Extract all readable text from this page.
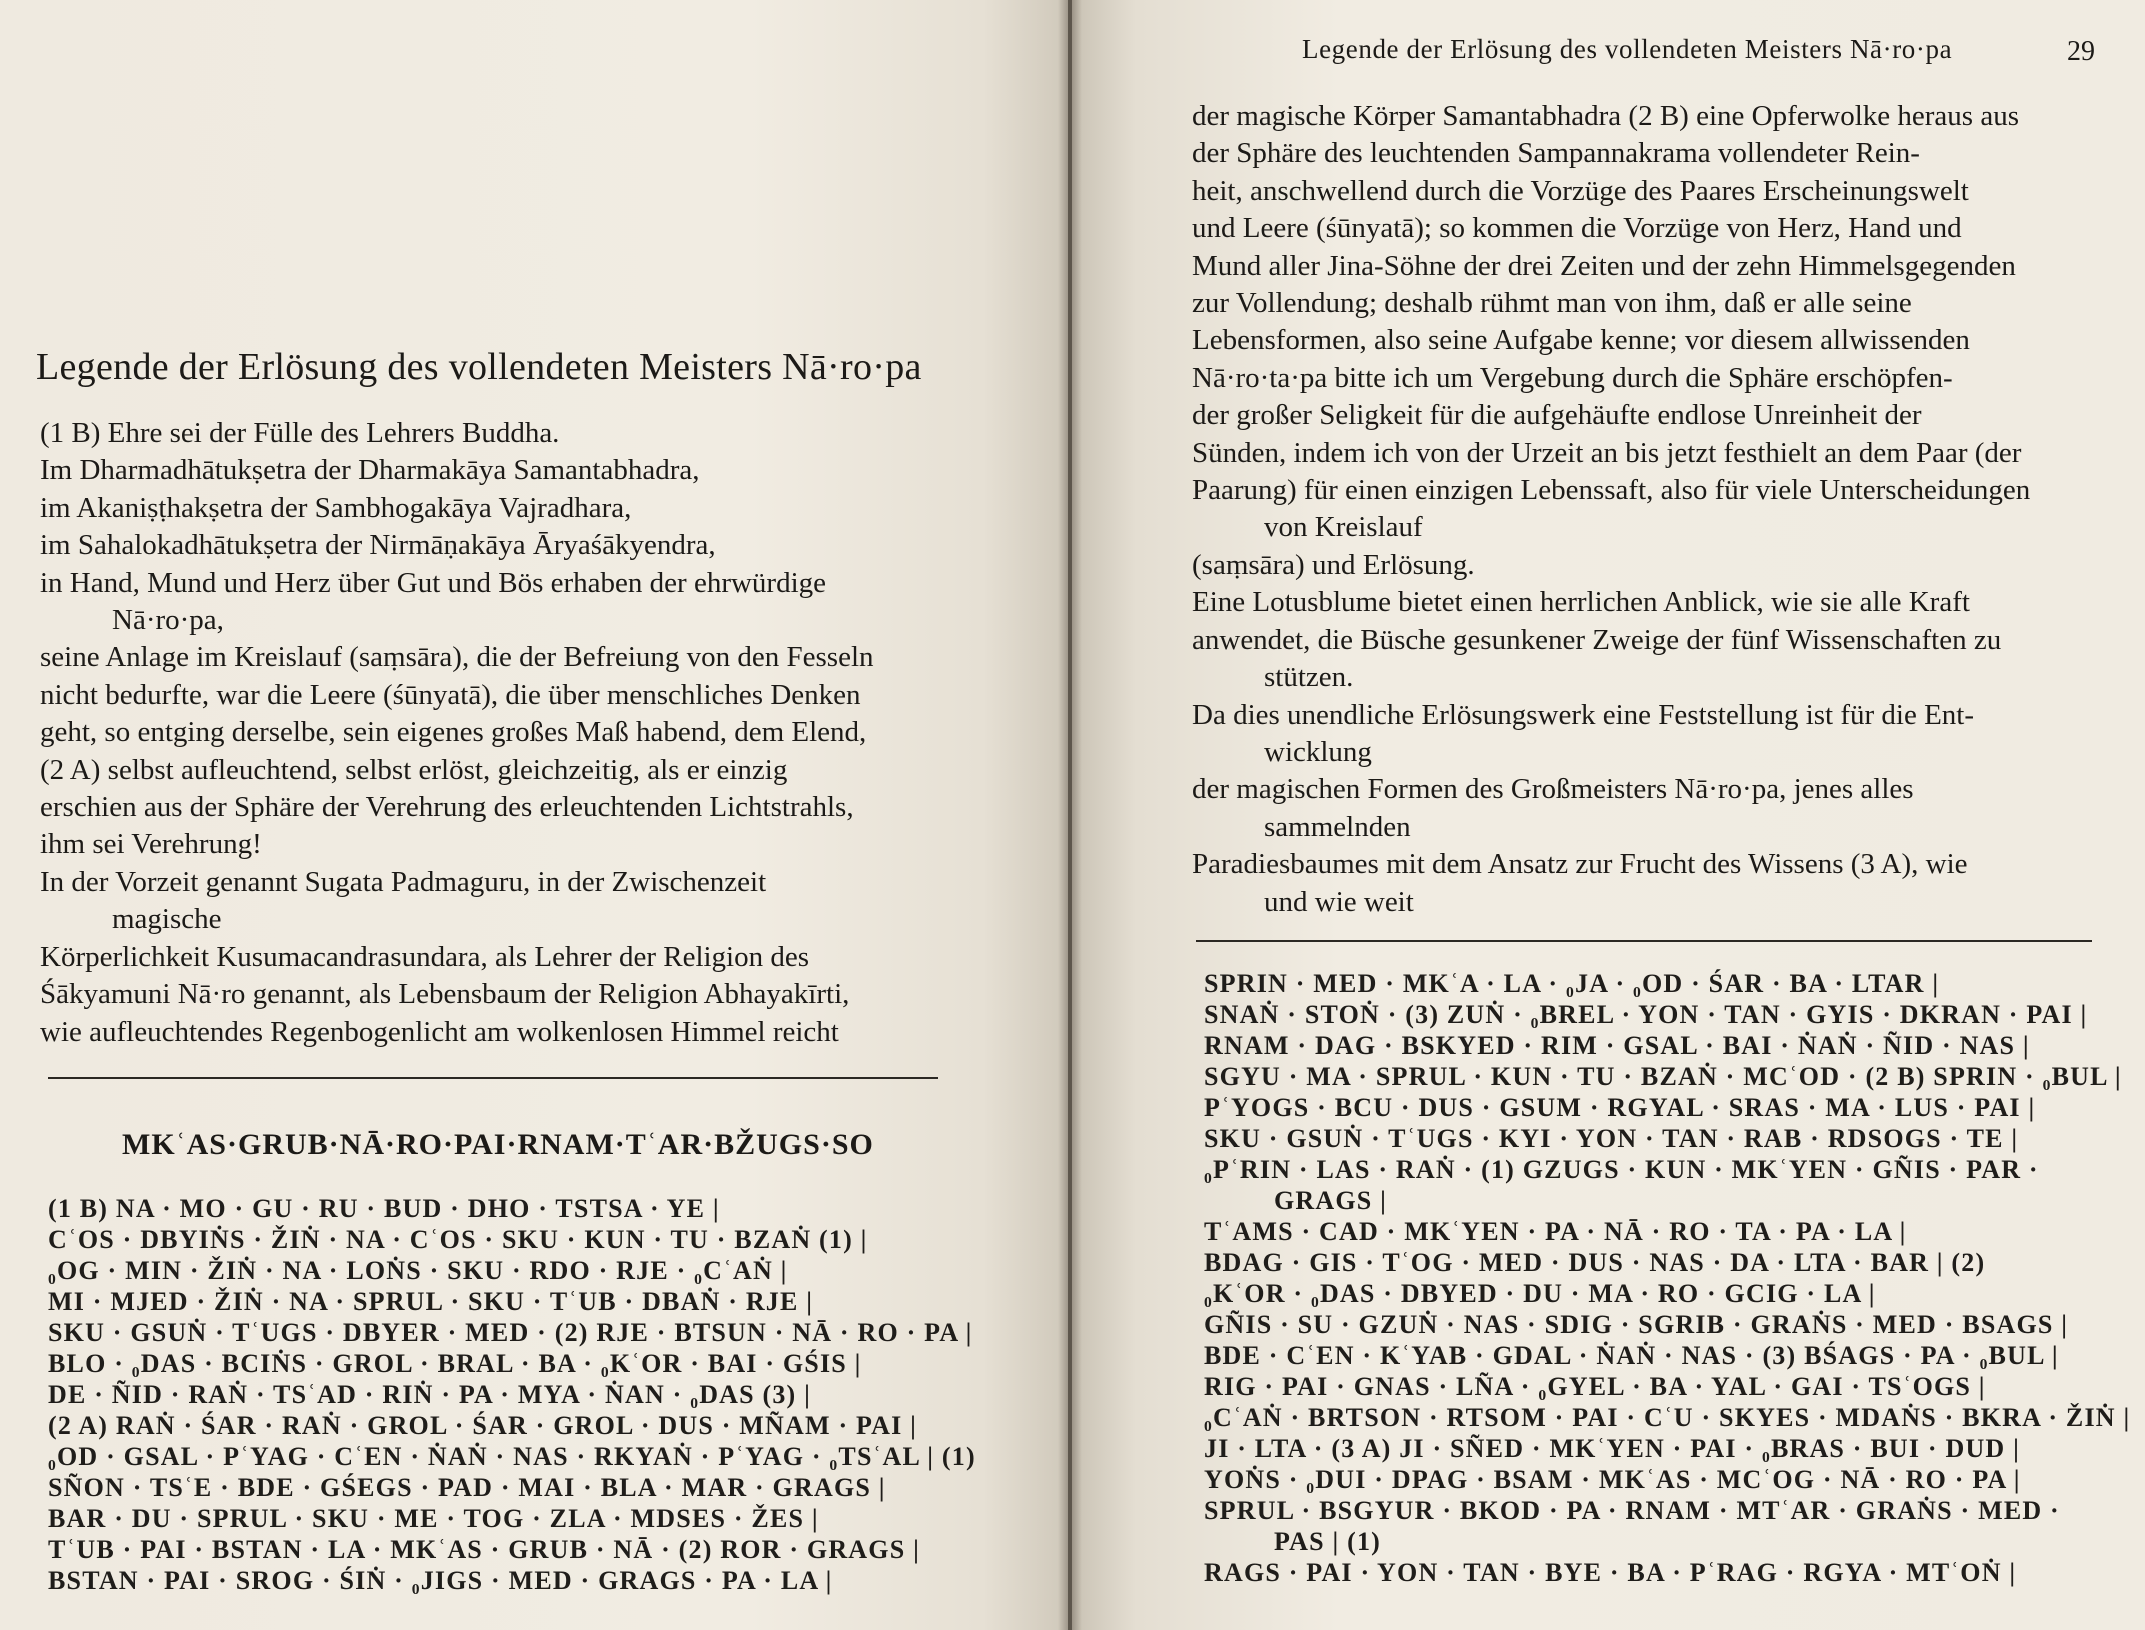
Legende der Erlösung des vollendeten Meisters Nā·ro·pa
(1 B) Ehre sei der Fülle des Lehrers Buddha.
Im Dharmadhātukṣetra der Dharmakāya Samantabhadra,
im Akaniṣṭhakṣetra der Sambhogakāya Vajradhara,
im Sahalokadhātukṣetra der Nirmāṇakāya Āryaśākyendra,
in Hand, Mund und Herz über Gut und Bös erhaben der ehrwürdige
Nā·ro·pa,
seine Anlage im Kreislauf (saṃsāra), die der Befreiung von den Fesseln
nicht bedurfte, war die Leere (śūnyatā), die über menschliches Denken
geht, so entging derselbe, sein eigenes großes Maß habend, dem Elend,
(2 A) selbst aufleuchtend, selbst erlöst, gleichzeitig, als er einzig
erschien aus der Sphäre der Verehrung des erleuchtenden Lichtstrahls,
ihm sei Verehrung!
In der Vorzeit genannt Sugata Padmaguru, in der Zwischenzeit
magische
Körperlichkeit Kusumacandrasundara, als Lehrer der Religion des
Śākyamuni Nā·ro genannt, als Lebensbaum der Religion Abhayakīrti,
wie aufleuchtendes Regenbogenlicht am wolkenlosen Himmel reicht
MKʿAS·GRUB·NĀ·RO·PAI·RNAM·TʿAR·BŽUGS·SO
(1 B) NA · MO · GU · RU · BUD · DHO · TSTSA · YE |
CʿOS · DBYIṄS · ŽIṄ · NA · CʿOS · SKU · KUN · TU · BZAṄ (1) |
₀OG · MIN · ŽIṄ · NA · LOṄS · SKU · RDO · RJE · ₀CʿAṄ |
MI · MJED · ŽIṄ · NA · SPRUL · SKU · TʿUB · DBAṄ · RJE |
SKU · GSUṄ · TʿUGS · DBYER · MED · (2) RJE · BTSUN · NĀ · RO · PA |
BLO · ₀DAS · BCIṄS · GROL · BRAL · BA · ₀KʿOR · BAI · GŚIS |
DE · ÑID · RAṄ · TSʿAD · RIṄ · PA · MYA · ṄAN · ₀DAS (3) |
(2 A) RAṄ · ŚAR · RAṄ · GROL · ŚAR · GROL · DUS · MÑAM · PAI |
₀OD · GSAL · PʿYAG · CʿEN · ṄAṄ · NAS · RKYAṄ · PʿYAG · ₀TSʿAL | (1)
SÑON · TSʿE · BDE · GŚEGS · PAD · MAI · BLA · MAR · GRAGS |
BAR · DU · SPRUL · SKU · ME · TOG · ZLA · MDSES · ŽES |
TʿUB · PAI · BSTAN · LA · MKʿAS · GRUB · NĀ · (2) ROR · GRAGS |
BSTAN · PAI · SROG · ŚIṄ · ₀JIGS · MED · GRAGS · PA · LA |
Legende der Erlösung des vollendeten Meisters Nā·ro·pa	29
der magische Körper Samantabhadra (2 B) eine Opferwolke heraus aus
der Sphäre des leuchtenden Sampannakrama vollendeter Rein-
heit, anschwellend durch die Vorzüge des Paares Erscheinungswelt
und Leere (śūnyatā); so kommen die Vorzüge von Herz, Hand und
Mund aller Jina-Söhne der drei Zeiten und der zehn Himmelsgegenden
zur Vollendung; deshalb rühmt man von ihm, daß er alle seine
Lebensformen, also seine Aufgabe kenne; vor diesem allwissenden
Nā·ro·ta·pa bitte ich um Vergebung durch die Sphäre erschöpfen-
der großer Seligkeit für die aufgehäufte endlose Unreinheit der
Sünden, indem ich von der Urzeit an bis jetzt festhielt an dem Paar (der
Paarung) für einen einzigen Lebenssaft, also für viele Unterscheidungen
von Kreislauf
(saṃsāra) und Erlösung.
Eine Lotusblume bietet einen herrlichen Anblick, wie sie alle Kraft
anwendet, die Büsche gesunkener Zweige der fünf Wissenschaften zu
stützen.
Da dies unendliche Erlösungswerk eine Feststellung ist für die Ent-
wicklung
der magischen Formen des Großmeisters Nā·ro·pa, jenes alles
sammelnden
Paradiesbaumes mit dem Ansatz zur Frucht des Wissens (3 A), wie
und wie weit
SPRIN · MED · MKʿA · LA · ₀JA · ₀OD · ŚAR · BA · LTAR |
SNAṄ · STOṄ · (3) ZUṄ · ₀BREL · YON · TAN · GYIS · DKRAN · PAI |
RNAM · DAG · BSKYED · RIM · GSAL · BAI · ṄAṄ · ÑID · NAS |
SGYU · MA · SPRUL · KUN · TU · BZAṄ · MCʿOD · (2 B) SPRIN · ₀BUL |
PʿYOGS · BCU · DUS · GSUM · RGYAL · SRAS · MA · LUS · PAI |
SKU · GSUṄ · TʿUGS · KYI · YON · TAN · RAB · RDSOGS · TE |
₀PʿRIN · LAS · RAṄ · (1) GZUGS · KUN · MKʿYEN · GÑIS · PAR ·
GRAGS |
TʿAMS · CAD · MKʿYEN · PA · NĀ · RO · TA · PA · LA |
BDAG · GIS · TʿOG · MED · DUS · NAS · DA · LTA · BAR | (2)
₀KʿOR · ₀DAS · DBYED · DU · MA · RO · GCIG · LA |
GÑIS · SU · GZUṄ · NAS · SDIG · SGRIB · GRAṄS · MED · BSAGS |
BDE · CʿEN · KʿYAB · GDAL · ṄAṄ · NAS · (3) BŚAGS · PA · ₀BUL |
RIG · PAI · GNAS · LÑA · ₀GYEL · BA · YAL · GAI · TSʿOGS |
₀CʿAṄ · BRTSON · RTSOM · PAI · CʿU · SKYES · MDAṄS · BKRA · ŽIṄ |
JI · LTA · (3 A) JI · SÑED · MKʿYEN · PAI · ₀BRAS · BUI · DUD |
YOṄS · ₀DUI · DPAG · BSAM · MKʿAS · MCʿOG · NĀ · RO · PA |
SPRUL · BSGYUR · BKOD · PA · RNAM · MTʿAR · GRAṄS · MED ·
PAS | (1)
RAGS · PAI · YON · TAN · BYE · BA · PʿRAG · RGYA · MTʿOṄ |
